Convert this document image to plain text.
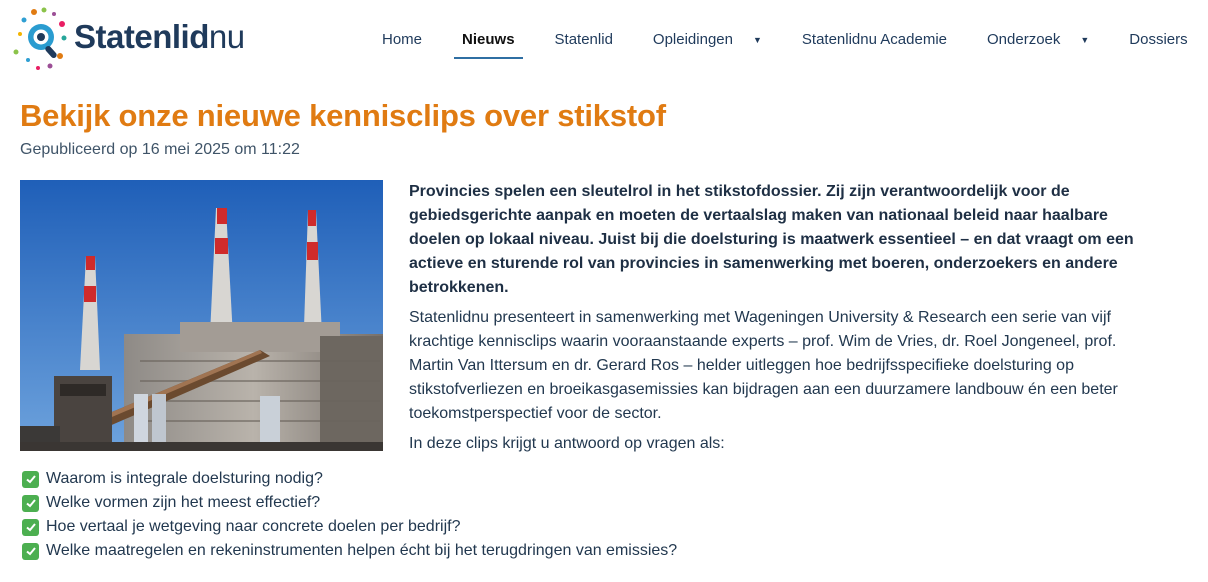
Statenlidnu	Home	Nieuws	Statenlid	Opleidingen ▼	Statenlidnu Academie	Onderzoek ▼	Dossiers
Bekijk onze nieuwe kennisclips over stikstof
Gepubliceerd op 16 mei 2025 om 11:22

Provincies spelen een sleutelrol in het stikstofdossier. Zij zijn verantwoordelijk voor de gebiedsgerichte aanpak en moeten de vertaalslag maken van nationaal beleid naar haalbare doelen op lokaal niveau. Juist bij die doelsturing is maatwerk essentieel – en dat vraagt om een actieve en sturende rol van provincies in samenwerking met boeren, onderzoekers en andere betrokkenen.

Statenlidnu presenteert in samenwerking met Wageningen University & Research een serie van vijf krachtige kennisclips waarin vooraanstaande experts – prof. Wim de Vries, dr. Roel Jongeneel, prof. Martin Van Ittersum en dr. Gerard Ros – helder uitleggen hoe bedrijfsspecifieke doelsturing op stikstofverliezen en broeikasgasemissies kan bijdragen aan een duurzamere landbouw én een beter toekomstperspectief voor de sector.

In deze clips krijgt u antwoord op vragen als:

Waarom is integrale doelsturing nodig?
Welke vormen zijn het meest effectief?
Hoe vertaal je wetgeving naar concrete doelen per bedrijf?
Welke maatregelen en rekeninstrumenten helpen écht bij het terugdringen van emissies?
